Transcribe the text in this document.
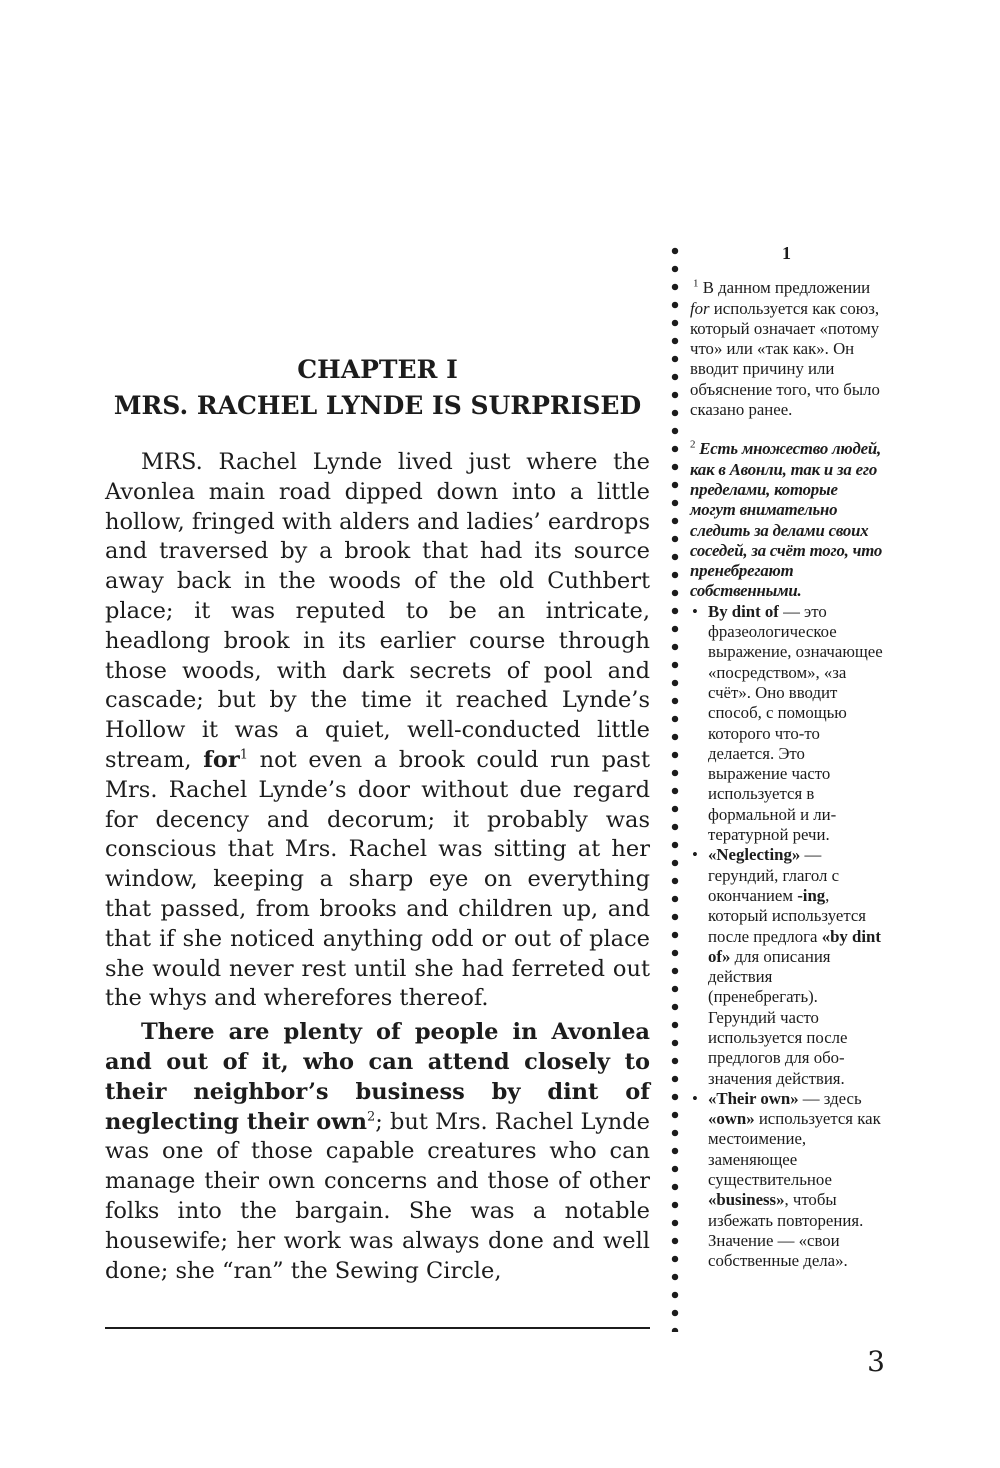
CHAPTER I
MRS. RACHEL LYNDE IS SURPRISED

MRS. Rachel Lynde lived just where the Avonlea main road dipped down into a little hollow, fringed with alders and ladies’ eardrops and traversed by a brook that had its source away back in the woods of the old Cuthbert place; it was reputed to be an intricate, headlong brook in its earlier course through those woods, with dark secrets of pool and cascade; but by the time it reached Lynde’s Hollow it was a quiet, well-conducted little stream, for$^1$ not even a brook could run past Mrs. Rachel Lynde’s door without due regard for decency and decorum; it probably was conscious that Mrs. Rachel was sitting at her window, keeping a sharp eye on everything that passed, from brooks and children up, and that if she noticed anything odd or out of place she would never rest until she had ferreted out the whys and wherefores thereof.

There are plenty of people in Avonlea and out of it, who can attend closely to their neighbor’s business by dint of neglecting their own$^2$; but Mrs. Rachel Lynde was one of those capable creatures who can manage their own concerns and those of other folks into the bargain. She was a notable housewife; her work was always done and well done; she “ran” the Sewing Circle,

1

$^1$ В данном предложении for используется как союз, который означает «потому что» или «так как». Он вводит причину или объяснение того, что было сказано ранее.

$^2$ Есть множество людей, как в Авонли, так и за его пределами, которые могут внимательно следить за делами своих соседей, за счёт того, что пренебрегают собственными.

• By dint of — это фразеологическое выражение, означающее «посредством», «за счёт». Оно вводит способ, с помощью которого что-то делается. Это выражение часто используется в формальной и литературной речи.
• «Neglecting» — герундий, глагол с окончанием -ing, который используется после предлога «by dint of» для описания действия (пренебрегать). Герундий часто используется после предлогов для обозначения действия.
• «Their own» — здесь «own» используется как местоимение, заменяющее существительное «business», чтобы избежать повторения. Значение — «свои собственные дела».
3
